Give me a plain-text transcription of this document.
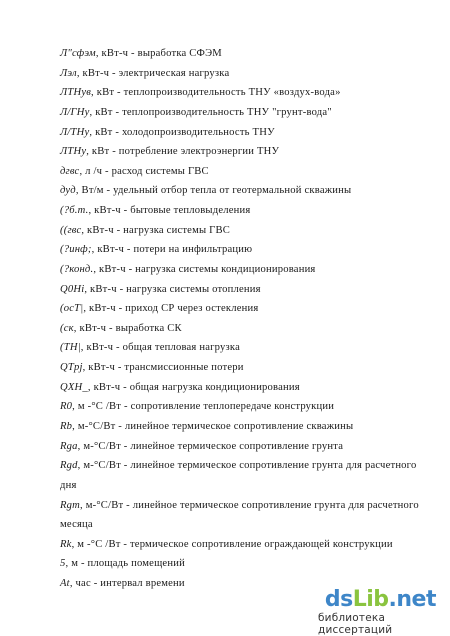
Л"сфэм, кВт-ч - выработка СФЭМ
Лэл, кВт-ч - электрическая нагрузка
ЛТНув, кВт - теплопроизводительность ТНУ «воздух-вода»
Л/ГНу, кВт - теплопроизводительность ТНУ "грунт-вода"
Л/ТНу, кВт - холодопроизводительность ТНУ
ЛТНу, кВт - потребление электроэнергии ТНУ
дгвс, л /ч - расход системы ГВС
дуд, Вт/м - удельный отбор тепла от геотермальной скважины
(?б.т., кВт-ч - бытовые тепловыделения
((гвс, кВт-ч - нагрузка системы ГВС
(?инф;, кВт-ч - потери на инфильтрацию
(?конд., кВт-ч - нагрузка системы кондиционирования
Q0Hi, кВт-ч - нагрузка системы отопления
(осТ|, кВт-ч - приход СР через остекления
(ск, кВт-ч - выработка СК
(ТН|, кВт-ч - общая тепловая нагрузка
QTpj, кВт-ч - трансмиссионные потери
QXH_, кВт-ч - общая нагрузка кондиционирования
R0, м -°С /Вт - сопротивление теплопередаче конструкции
Rb, м-°С/Вт - линейное термическое сопротивление скважины
Rga, м-°С/Вт - линейное термическое сопротивление грунта
Rgd, м-°С/Вт - линейное термическое сопротивление грунта для расчетного
дня
Rgm, м-°С/Вт - линейное термическое сопротивление грунта для расчетного
месяца
Rk, м -°С /Вт - термическое сопротивление ограждающей конструкции
5, м - площадь помещений
At, час - интервал времени
dsLib.net
библиотека диссертаций
